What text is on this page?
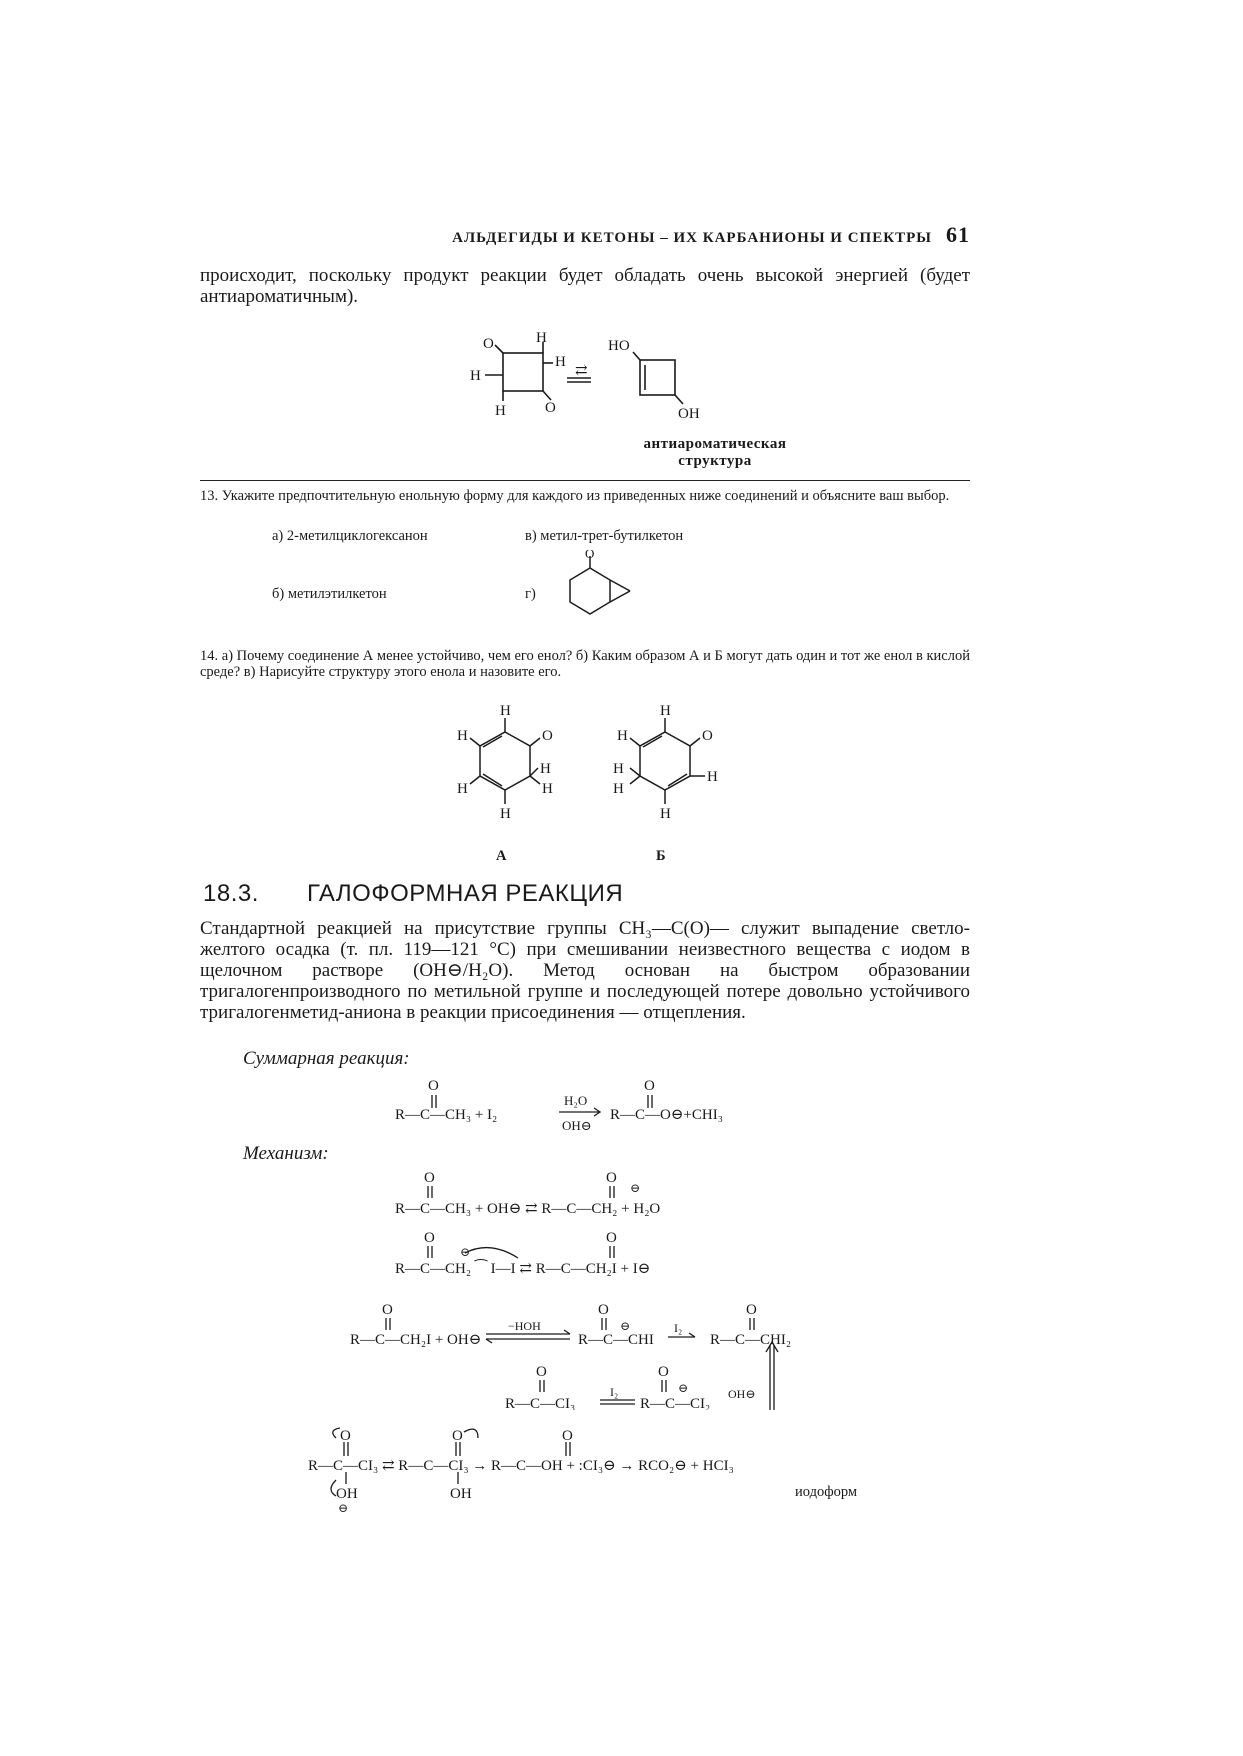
АЛЬДЕГИДЫ И КЕТОНЫ – ИХ КАРБАНИОНЫ И СПЕКТРЫ 61
происходит, поскольку продукт реакции будет обладать очень высокой энергией (будет антиароматичным).
O	H
H
H
H	O
⇄
HO
OH
антиароматическая структура
13. Укажите предпочтительную енольную форму для каждого из приведенных ниже соединений и объясните ваш выбор.
а) 2-метилциклогексанон	в) метил-трет-бутилкетон
б) метилэтилкетон	г)
O
14. а) Почему соединение А менее устойчиво, чем его енол? б) Каким образом А и Б могут дать один и тот же енол в кислой среде? в) Нарисуйте структуру этого енола и назовите его.
H
O
H
H
H	H
H
А
H
O
H
H
H
H
H
Б
18.3. ГАЛОФОРМНАЯ РЕАКЦИЯ
Стандартной реакцией на присутствие группы CH₃—C(O)— служит выпадение светло-желтого осадка (т. пл. 119—121 °C) при смешивании неизвестного вещества с иодом в щелочном растворе (OH⊖/H₂O). Метод основан на быстром образовании тригалогенпроизводного по метильной группе и последующей потере довольно устойчивого тригалогенметид-аниона в реакции присоединения — отщепления.
Суммарная реакция:
O
R—C—CH₃ + I₂
H₂O
OH⊖
O
R—C—O⊖+CHI₃
Механизм:
O
R—C—CH₃ + OH⊖ ⇄ R—C—CH₂ + H₂O
O
⊖
O
R—C—CH₂ ⁀ I—I ⇄ R—C—CH₂I + I⊖
O
⊖
O
R—C—CH₂I + OH⊖
−HOH
O
R—C—CHI
⊖	I₂
O
R—C—CHI₂
O
R—C—CI₃
I₂
O
R—C—CI₂
⊖	OH⊖
O
R—C—CI₃ ⇄ R—C—CI₃ → R—C—OH + :CI₃⊖ → RCO₂⊖ + HCI₃
OH
⊖
O
OH
O
иодоформ
